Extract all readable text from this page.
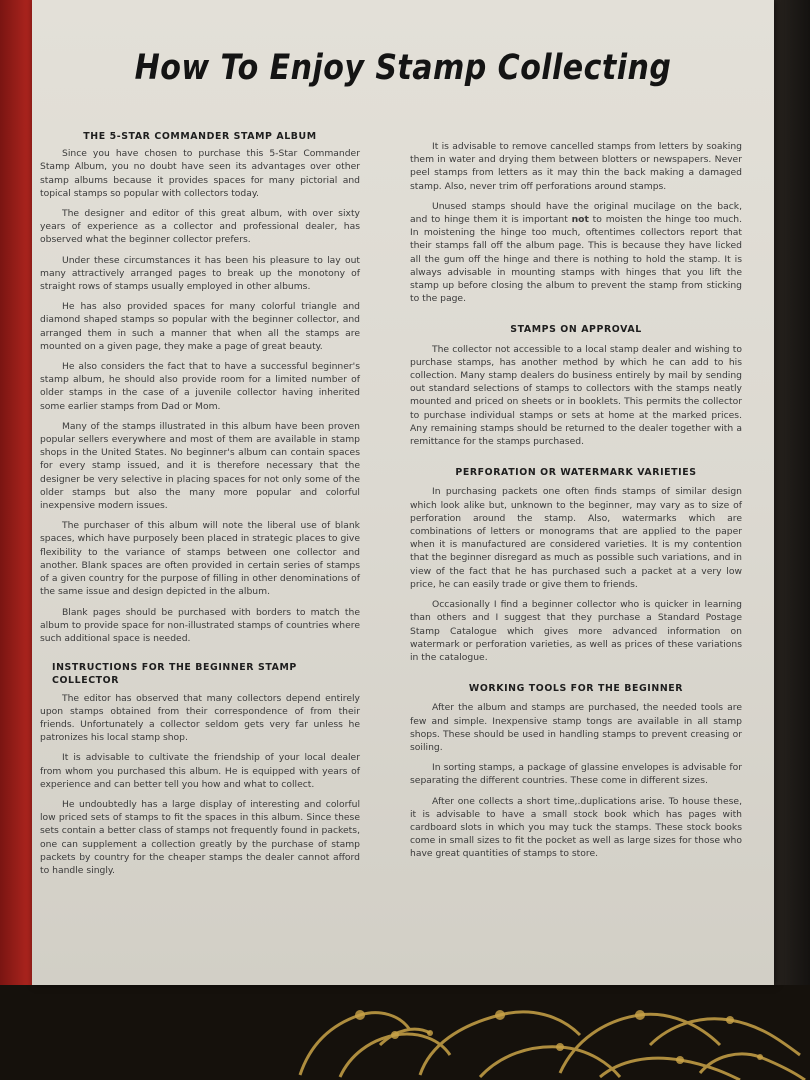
How To Enjoy Stamp Collecting
THE 5-STAR COMMANDER STAMP ALBUM

Since you have chosen to purchase this 5-Star Commander Stamp Album, you no doubt have seen its advantages over other stamp albums because it provides spaces for many pictorial and topical stamps so popular with collectors today.

The designer and editor of this great album, with over sixty years of experience as a collector and professional dealer, has observed what the beginner collector prefers.

Under these circumstances it has been his pleasure to lay out many attractively arranged pages to break up the monotony of straight rows of stamps usually employed in other albums.

He has also provided spaces for many colorful triangle and diamond shaped stamps so popular with the beginner collector, and arranged them in such a manner that when all the stamps are mounted on a given page, they make a page of great beauty.

He also considers the fact that to have a successful beginner's stamp album, he should also provide room for a limited number of older stamps in the case of a juvenile collector having inherited some earlier stamps from Dad or Mom.

Many of the stamps illustrated in this album have been proven popular sellers everywhere and most of them are available in stamp shops in the United States. No beginner's album can contain spaces for every stamp issued, and it is therefore necessary that the designer be very selective in placing spaces for not only some of the older stamps but also the many more popular and colorful inexpensive modern issues.

The purchaser of this album will note the liberal use of blank spaces, which have purposely been placed in strategic places to give flexibility to the variance of stamps between one collector and another. Blank spaces are often provided in certain series of stamps of a given country for the purpose of filling in other denominations of the same issue and design depicted in the album.

Blank pages should be purchased with borders to match the album to provide space for non-illustrated stamps of countries where such additional space is needed.

INSTRUCTIONS FOR THE BEGINNER STAMP COLLECTOR

The editor has observed that many collectors depend entirely upon stamps obtained from their correspondence of from their friends. Unfortunately a collector seldom gets very far unless he patronizes his local stamp shop.

It is advisable to cultivate the friendship of your local dealer from whom you purchased this album. He is equipped with years of experience and can better tell you how and what to collect.

He undoubtedly has a large display of interesting and colorful low priced sets of stamps to fit the spaces in this album. Since these sets contain a better class of stamps not frequently found in packets, one can supplement a collection greatly by the purchase of stamp packets by country for the cheaper stamps the dealer cannot afford to handle singly.

It is advisable to remove cancelled stamps from letters by soaking them in water and drying them between blotters or newspapers. Never peel stamps from letters as it may thin the back making a damaged stamp. Also, never trim off perforations around stamps.

Unused stamps should have the original mucilage on the back, and to hinge them it is important not to moisten the hinge too much. In moistening the hinge too much, oftentimes collectors report that their stamps fall off the album page. This is because they have licked all the gum off the hinge and there is nothing to hold the stamp. It is always advisable in mounting stamps with hinges that you lift the stamp up before closing the album to prevent the stamp from sticking to the page.

STAMPS ON APPROVAL

The collector not accessible to a local stamp dealer and wishing to purchase stamps, has another method by which he can add to his collection. Many stamp dealers do business entirely by mail by sending out standard selections of stamps to collectors with the stamps neatly mounted and priced on sheets or in booklets. This permits the collector to purchase individual stamps or sets at home at the marked prices. Any remaining stamps should be returned to the dealer together with a remittance for the stamps purchased.

PERFORATION OR WATERMARK VARIETIES

In purchasing packets one often finds stamps of similar design which look alike but, unknown to the beginner, may vary as to size of perforation around the stamp. Also, watermarks which are combinations of letters or monograms that are applied to the paper when it is manufactured are considered varieties. It is my contention that the beginner disregard as much as possible such variations, and in view of the fact that he has purchased such a packet at a very low price, he can easily trade or give them to friends.

Occasionally I find a beginner collector who is quicker in learning than others and I suggest that they purchase a Standard Postage Stamp Catalogue which gives more advanced information on watermark or perforation varieties, as well as prices of these variations in the catalogue.

WORKING TOOLS FOR THE BEGINNER

After the album and stamps are purchased, the needed tools are few and simple. Inexpensive stamp tongs are available in all stamp shops. These should be used in handling stamps to prevent creasing or soiling.

In sorting stamps, a package of glassine envelopes is advisable for separating the different countries. These come in different sizes.

After one collects a short time,.duplications arise. To house these, it is advisable to have a small stock book which has pages with cardboard slots in which you may tuck the stamps. These stock books come in small sizes to fit the pocket as well as large sizes for those who have great quantities of stamps to store.
